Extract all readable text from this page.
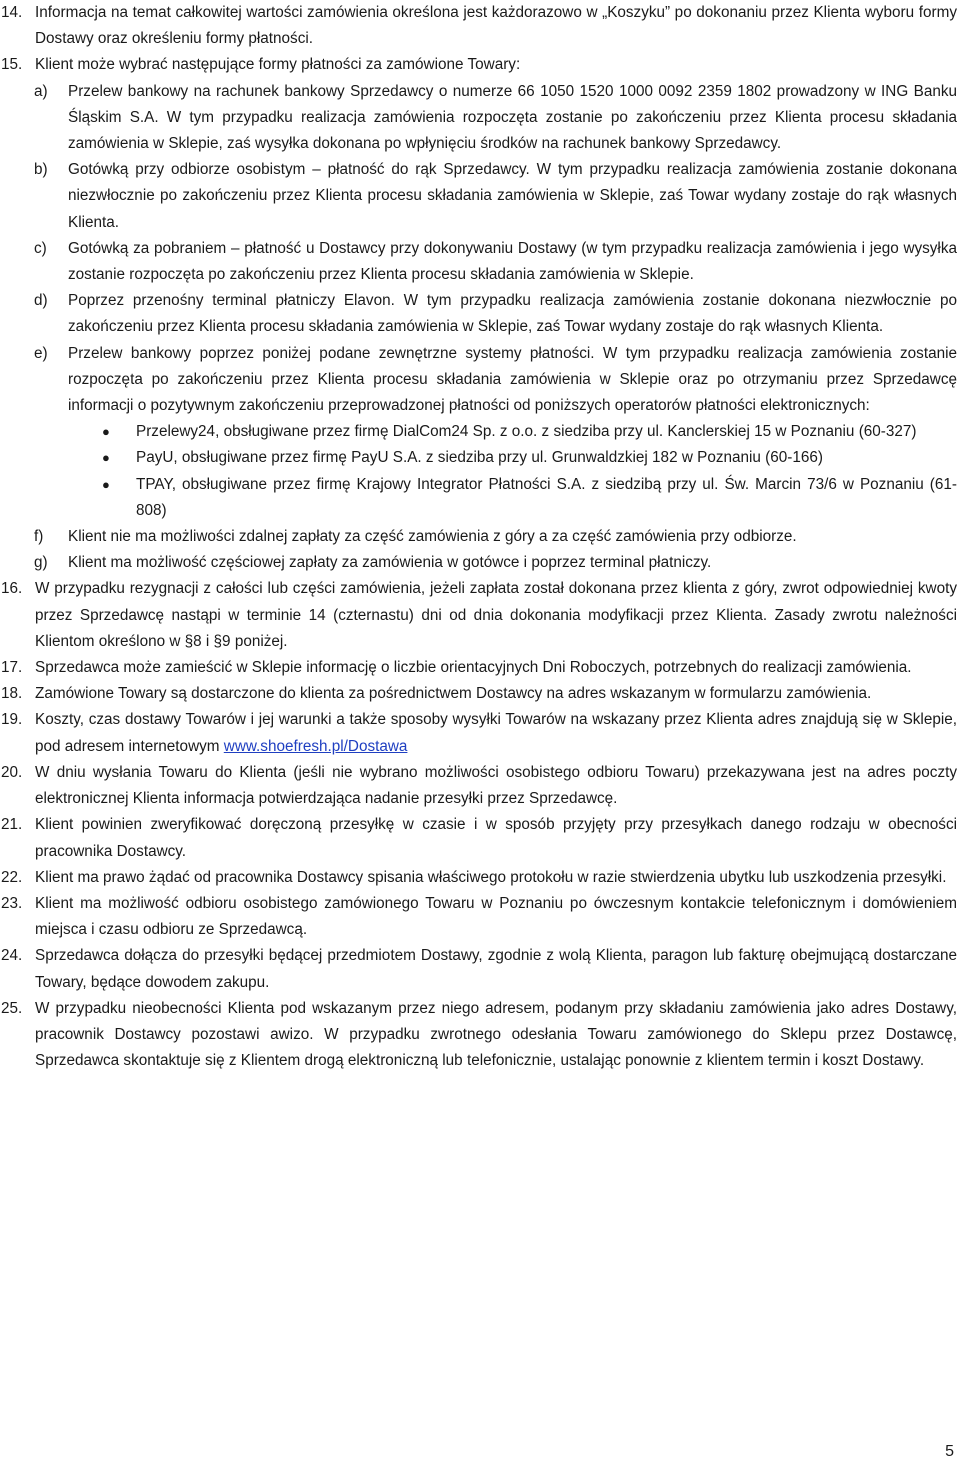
14. Informacja na temat całkowitej wartości zamówienia określona jest każdorazowo w „Koszyku” po dokonaniu przez Klienta wyboru formy Dostawy oraz określeniu formy płatności.
15. Klient może wybrać następujące formy płatności za zamówione Towary:
a)	Przelew bankowy na rachunek bankowy Sprzedawcy o numerze 66 1050 1520 1000 0092 2359 1802 prowadzony w ING Banku Śląskim S.A. W tym przypadku realizacja zamówienia rozpoczęta zostanie po zakończeniu przez Klienta procesu składania zamówienia w Sklepie, zaś wysyłka dokonana po wpłynięciu środków na rachunek bankowy Sprzedawcy.
b)	Gotówką przy odbiorze osobistym – płatność do rąk Sprzedawcy. W tym przypadku realizacja zamówienia zostanie dokonana niezwłocznie po zakończeniu przez Klienta procesu składania zamówienia w Sklepie, zaś Towar wydany zostaje do rąk własnych Klienta.
c)	Gotówką za pobraniem – płatność u Dostawcy przy dokonywaniu Dostawy (w tym przypadku realizacja zamówienia i jego wysyłka zostanie rozpoczęta po zakończeniu przez Klienta procesu składania zamówienia w Sklepie.
d)	Poprzez przenośny terminal płatniczy Elavon. W tym przypadku realizacja zamówienia zostanie dokonana niezwłocznie po zakończeniu przez Klienta procesu składania zamówienia w Sklepie, zaś Towar wydany zostaje do rąk własnych Klienta.
e)	Przelew bankowy poprzez poniżej podane zewnętrzne systemy płatności. W tym przypadku realizacja zamówienia zostanie rozpoczęta po zakończeniu przez Klienta procesu składania zamówienia w Sklepie oraz po otrzymaniu przez Sprzedawcę informacji o pozytywnym zakończeniu przeprowadzonej płatności od poniższych operatorów płatności elektronicznych:
●	Przelewy24, obsługiwane przez firmę DialCom24 Sp. z o.o. z siedziba przy ul. Kanclerskiej 15 w Poznaniu (60-327)
●	PayU, obsługiwane przez firmę PayU S.A. z siedziba przy ul. Grunwaldzkiej 182 w Poznaniu (60-166)
●	TPAY, obsługiwane przez firmę Krajowy Integrator Płatności S.A. z siedzibą przy ul. Św. Marcin 73/6 w Poznaniu (61-808)
f)	Klient nie ma możliwości zdalnej zapłaty za część zamówienia z góry a za część zamówienia przy odbiorze.
g)	Klient ma możliwość częściowej zapłaty za zamówienia w gotówce i poprzez terminal płatniczy.
16. W przypadku rezygnacji z całości lub części zamówienia, jeżeli zapłata został dokonana przez klienta z góry, zwrot odpowiedniej kwoty przez Sprzedawcę nastąpi w terminie 14 (czternastu) dni od dnia dokonania modyfikacji przez Klienta. Zasady zwrotu należności Klientom określono w §8 i §9 poniżej.
17. Sprzedawca może zamieścić w Sklepie informację o liczbie orientacyjnych Dni Roboczych, potrzebnych do realizacji zamówienia.
18. Zamówione Towary są dostarczone do klienta za pośrednictwem Dostawcy na adres wskazanym w formularzu zamówienia.
19. Koszty, czas dostawy Towarów i jej warunki a także sposoby wysyłki Towarów na wskazany przez Klienta adres znajdują się w Sklepie, pod adresem internetowym www.shoefresh.pl/Dostawa
20. W dniu wysłania Towaru do Klienta (jeśli nie wybrano możliwości osobistego odbioru Towaru) przekazywana jest na adres poczty elektronicznej Klienta informacja potwierdzająca nadanie przesyłki przez Sprzedawcę.
21. Klient powinien zweryfikować doręczoną przesyłkę w czasie i w sposób przyjęty przy przesyłkach danego rodzaju w obecności pracownika Dostawcy.
22. Klient ma prawo żądać od pracownika Dostawcy spisania właściwego protokołu w razie stwierdzenia ubytku lub uszkodzenia przesyłki.
23. Klient ma możliwość odbioru osobistego zamówionego Towaru w Poznaniu po ówczesnym kontakcie telefonicznym i domówieniem miejsca i czasu odbioru ze Sprzedawcą.
24. Sprzedawca dołącza do przesyłki będącej przedmiotem Dostawy, zgodnie z wolą Klienta, paragon lub fakturę obejmującą dostarczane Towary, będące dowodem zakupu.
25. W przypadku nieobecności Klienta pod wskazanym przez niego adresem, podanym przy składaniu zamówienia jako adres Dostawy, pracownik Dostawcy pozostawi awizo. W przypadku zwrotnego odesłania Towaru zamówionego do Sklepu przez Dostawcę, Sprzedawca skontaktuje się z Klientem drogą elektroniczną lub telefonicznie, ustalając ponownie z klientem termin i koszt Dostawy.
5
